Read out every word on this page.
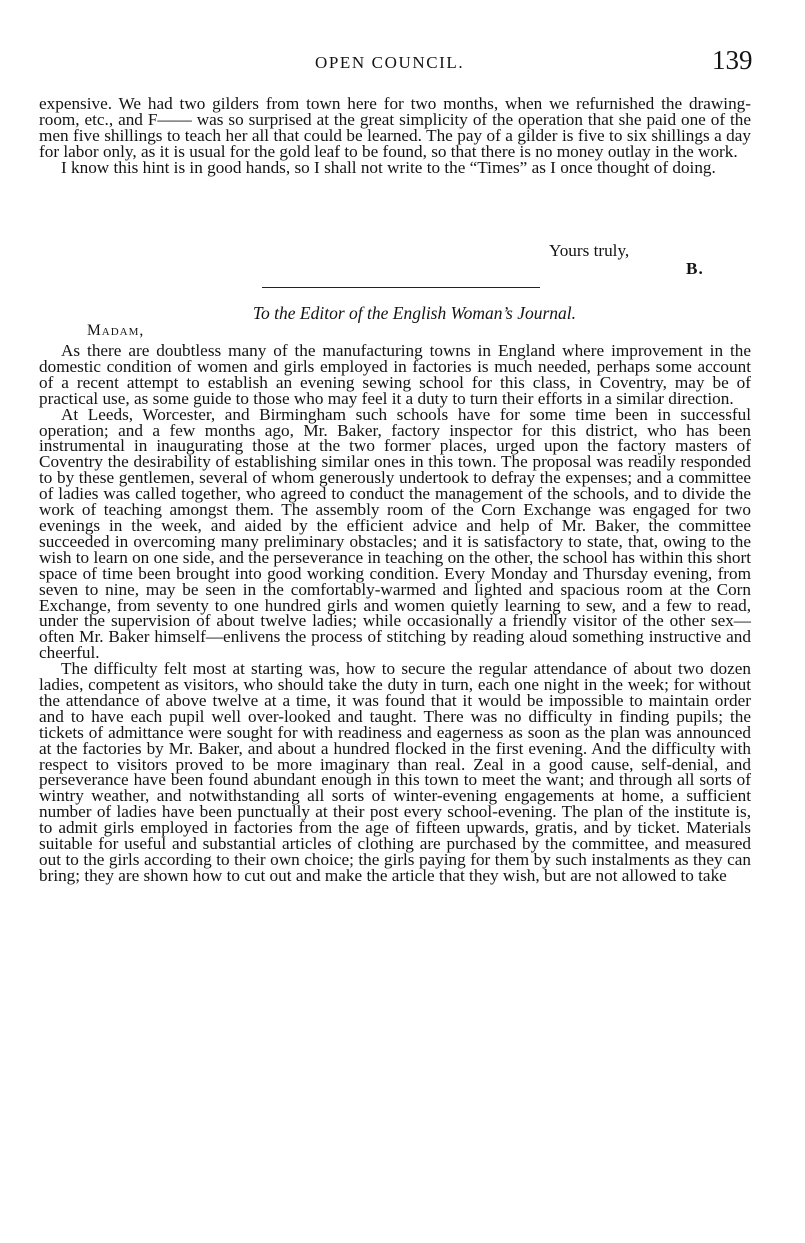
OPEN COUNCIL.	139

expensive. We had two gilders from town here for two months, when we refurnished the drawing-room, etc., and F—— was so surprised at the great simplicity of the operation that she paid one of the men five shillings to teach her all that could be learned. The pay of a gilder is five to six shillings a day for labor only, as it is usual for the gold leaf to be found, so that there is no money outlay in the work.

I know this hint is in good hands, so I shall not write to the “Times” as I once thought of doing.

Yours truly,
B.
To the Editor of the English Woman’s Journal.
Madam,

As there are doubtless many of the manufacturing towns in England where improvement in the domestic condition of women and girls employed in factories is much needed, perhaps some account of a recent attempt to establish an evening sewing school for this class, in Coventry, may be of practical use, as some guide to those who may feel it a duty to turn their efforts in a similar direction.

At Leeds, Worcester, and Birmingham such schools have for some time been in successful operation; and a few months ago, Mr. Baker, factory inspector for this district, who has been instrumental in inaugurating those at the two former places, urged upon the factory masters of Coventry the desirability of establishing similar ones in this town. The proposal was readily responded to by these gentlemen, several of whom generously undertook to defray the expenses; and a committee of ladies was called together, who agreed to conduct the management of the schools, and to divide the work of teaching amongst them. The assembly room of the Corn Exchange was engaged for two evenings in the week, and aided by the efficient advice and help of Mr. Baker, the committee succeeded in overcoming many preliminary obstacles; and it is satisfactory to state, that, owing to the wish to learn on one side, and the perseverance in teaching on the other, the school has within this short space of time been brought into good working condition. Every Monday and Thursday evening, from seven to nine, may be seen in the comfortably-warmed and lighted and spacious room at the Corn Exchange, from seventy to one hundred girls and women quietly learning to sew, and a few to read, under the supervision of about twelve ladies; while occasionally a friendly visitor of the other sex—often Mr. Baker himself—enlivens the process of stitching by reading aloud something instructive and cheerful.

The difficulty felt most at starting was, how to secure the regular attendance of about two dozen ladies, competent as visitors, who should take the duty in turn, each one night in the week; for without the attendance of above twelve at a time, it was found that it would be impossible to maintain order and to have each pupil well over-looked and taught. There was no difficulty in finding pupils; the tickets of admittance were sought for with readiness and eagerness as soon as the plan was announced at the factories by Mr. Baker, and about a hundred flocked in the first evening. And the difficulty with respect to visitors proved to be more imaginary than real. Zeal in a good cause, self-denial, and perseverance have been found abundant enough in this town to meet the want; and through all sorts of wintry weather, and notwithstanding all sorts of winter-evening engagements at home, a sufficient number of ladies have been punctually at their post every school-evening. The plan of the institute is, to admit girls employed in factories from the age of fifteen upwards, gratis, and by ticket. Materials suitable for useful and substantial articles of clothing are purchased by the committee, and measured out to the girls according to their own choice; the girls paying for them by such instalments as they can bring; they are shown how to cut out and make the article that they wish, but are not allowed to take
